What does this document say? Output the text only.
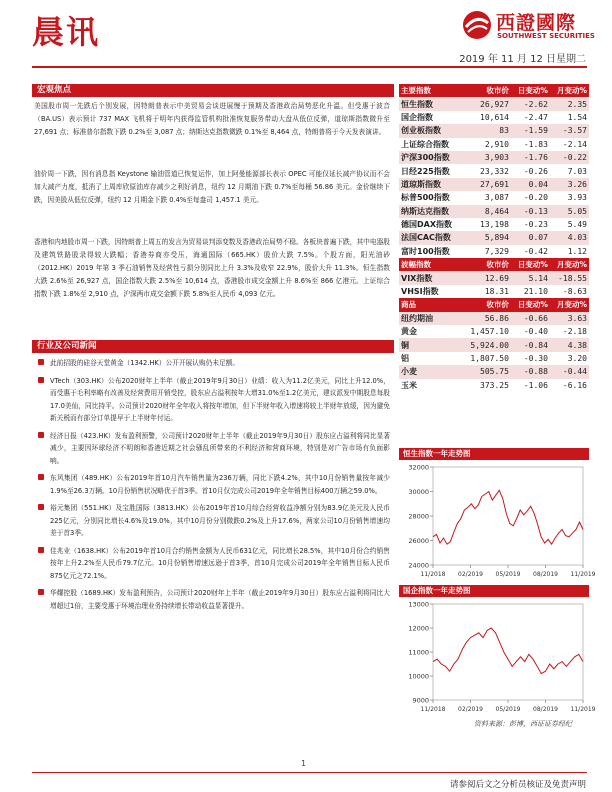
晨讯	西證國際
SOUTHWEST SECURITIES
2019 年 11 月 12 日星期二
宏观焦点
美国股市周一先跌后个别发展，因特朗普表示中美贸易会谈进展慢于预期及香港政治局势恶化升温。但受惠于波音（BA.US）表示预计 737 MAX 飞机将于明年内获得监管机构批准恢复服务带动大盘从低位反弹，道琼斯指数微升至 27,691 点；标准普尔指数下跌 0.2%至 3,087 点；纳斯达克指数微跌 0.1%至 8,464 点，特朗普将于今天发表演讲。
油价周一下跌，因有消息指 Keystone 输油管道已恢复运作，加上阿曼能源部长表示 OPEC 可能仅延长减产协议而不会加大减产力度，抵消了上周库欣原油库存减少之利好消息，纽约 12 月期油下跌 0.7%至每桶 56.86 美元。金价继续下跌，因美股从低位反弹，纽约 12 月期金下跌 0.4%至每盎司 1,457.1 美元。
香港和内地股市周一下跌，因特朗普上周五的发言为贸易谈判添变数及香港政治局势不稳。各板块普遍下跌，其中电器股及建筑铁路股录得较大跌幅；香港券商亦受压，海通国际（665.HK）股价大跌 7.5%。个股方面，阳光油砂（2012.HK）2019 年第 3 季石油销售及经营性亏损分别同比上升 3.3%及收窄 22.9%，股价大升 11.3%。恒生指数大跌 2.6%至 26,927 点，国企指数大跌 2.5%至 10,614 点，香港股市成交金额上升 8.6%至 866 亿港元。上证综合指数下跌 1.8%至 2,910 点，沪深两市成交金额下跌 5.8%至人民币 4,093 亿元。
行业及公司新闻
此前招股的硅谷天堂黄金（1342.HK）公开开展认购仍未足额。
VTech（303.HK）公布2020财年上半年（截止2019年9月30日）业绩：收入为11.2亿美元，同比上升12.0%，而受惠于毛利率略有改善及经营费用开销受控，股东应占溢利按年大增31.0%至1.2亿美元，建议派发中期股息每股17.0美仙，同比持平。公司预计2020财年全年收入将按年增加，但下半财年收入增速将较上半财年放缓，因为避免新关税而有部分订单提早于上半财年付运。
经济日报（423.HK）发布盈利预警，公司预计2020财年上半年（截止2019年9月30日）股东应占溢利将同比显著减少，主要因环球经济不明朗和香港近期之社会骚乱所带来的不利经济和营商环境，特别是对广告市场有负面影响。
东风集团（489.HK）公布2019年首10月汽车销售量为236万辆，同比下跌4.2%，其中10月份销售量按年减少1.9%至26.3万辆。10月份销售状况略优于首3季。首10月仅完成公司2019年全年销售目标400万辆之59.0%。
裕元集团（551.HK）及宝胜国际（3813.HK）公布2019年首10月综合经营收益净额分别为83.9亿美元及人民币225亿元，分别同比增长4.6%及19.0%，其中10月份分别微跌0.2%及上升17.6%，两家公司10月份销售增速均差于首3季。
佳兆业（1638.HK）公布2019年首10月合约销售金额为人民币631亿元，同比增长28.5%，其中10月份合约销售按年上升2.2%至人民币79.7亿元。10月份销售增速远逊于首3季，首10月完成公司2019年全年销售目标人民币875亿元之72.1%。
华耀控股（1689.HK）发布盈利预告，公司预计2020财年上半年（截止2019年9月30日）股东应占溢利将同比大增超过1倍，主要受惠于环境治理业务持续增长带动收益显著提升。
主要指数	收市价	日变动%	月变动%
恒生指数	26,927	-2.62	2.35
国企指数	10,614	-2.47	1.54
创业板指数	83	-1.59	-3.57
上证综合指数	2,910	-1.83	-2.14
沪深300指数	3,903	-1.76	-0.22
日经225指数	23,332	-0.26	7.03
道琼斯指数	27,691	0.04	3.26
标普500指数	3,087	-0.20	3.93
纳斯达克指数	8,464	-0.13	5.05
德国DAX指数	13,198	-0.23	5.49
法国CAC指数	5,894	0.07	4.03
富时100指数	7,329	-0.42	1.12
波幅指数	收市价	日变动%	月变动%
VIX指数	12.69	5.14	-18.55
VHSI指数	18.31	21.10	-8.63
商品	收市价	日变动%	月变动%
纽约期油	56.86	-0.66	3.63
黄金	1,457.10	-0.40	-2.18
铜	5,924.00	-0.84	4.38
铝	1,807.50	-0.30	3.20
小麦	505.75	-0.88	-0.44
玉米	373.25	-1.06	-6.16
恒生指数一年走势图
24000
26000
28000
30000
32000
11/2018 02/2019 05/2019 08/2019 11/2019
国企指数一年走势图
9000
10000
11000
12000
13000
11/2018 02/2019 05/2019 08/2019 11/2019
资料来源：彭博，西证证券经纪
1
请参阅后文之分析员核证及免责声明
